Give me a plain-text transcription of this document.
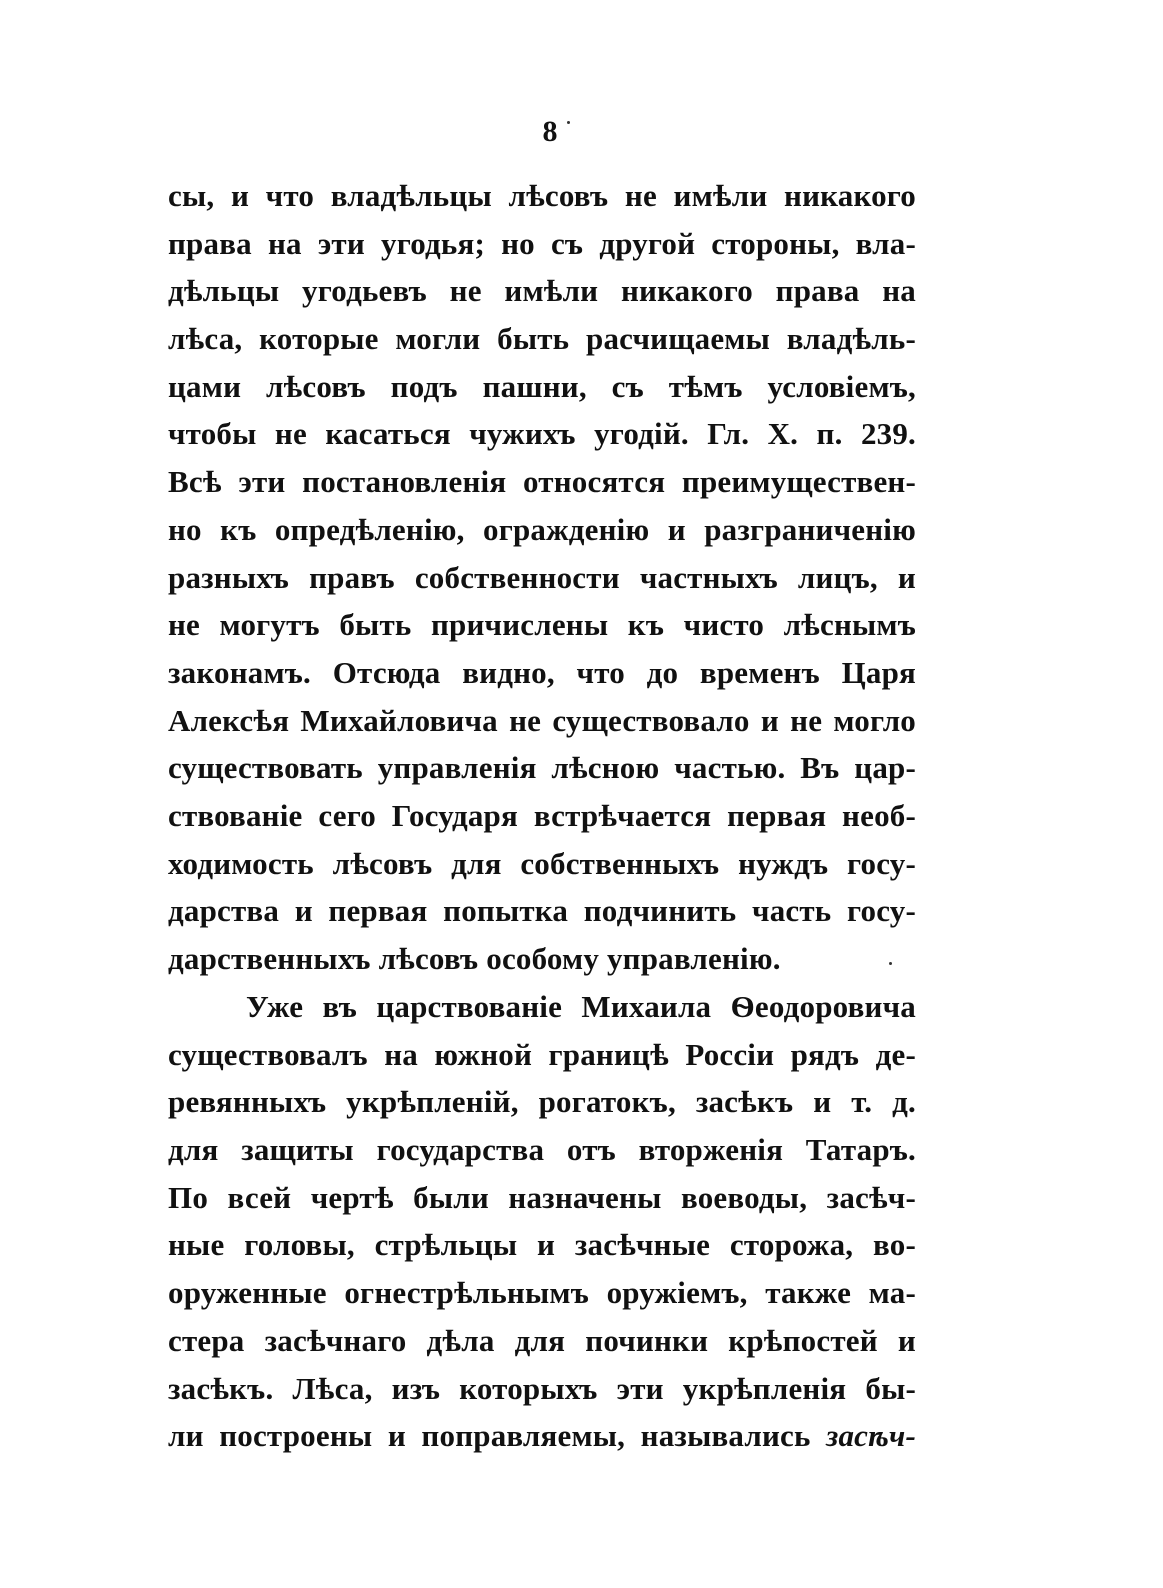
8
сы, и что владѣльцы лѣсовъ не имѣли никакого
права на эти угодья; но съ другой стороны, вла-
дѣльцы угодьевъ не имѣли никакого права на
лѣса, которые могли быть расчищаемы владѣль-
цами лѣсовъ подъ пашни, съ тѣмъ условіемъ,
чтобы не касаться чужихъ угодій. Гл. X. п. 239.
Всѣ эти постановленія относятся преимуществен-
но къ опредѣленію, огражденію и разграниченію
разныхъ правъ собственности частныхъ лицъ, и
не могутъ быть причислены къ чисто лѣснымъ
законамъ. Отсюда видно, что до временъ Царя
Алексѣя Михайловича не существовало и не могло
существовать управленія лѣсною частью. Въ цар-
ствованіе сего Государя встрѣчается первая необ-
ходимость лѣсовъ для собственныхъ нуждъ госу-
дарства и первая попытка подчинить часть госу-
дарственныхъ лѣсовъ особому управленію.
Уже въ царствованіе Михаила Ѳеодоровича
существовалъ на южной границѣ Россіи рядъ де-
ревянныхъ укрѣпленій, рогатокъ, засѣкъ и т. д.
для защиты государства отъ вторженія Татаръ.
По всей чертѣ были назначены воеводы, засѣч-
ные головы, стрѣльцы и засѣчные сторожа, во-
оруженные огнестрѣльнымъ оружіемъ, также ма-
стера засѣчнаго дѣла для починки крѣпостей и
засѣкъ. Лѣса, изъ которыхъ эти укрѣпленія бы-
ли построены и поправляемы, назывались засѣч-
